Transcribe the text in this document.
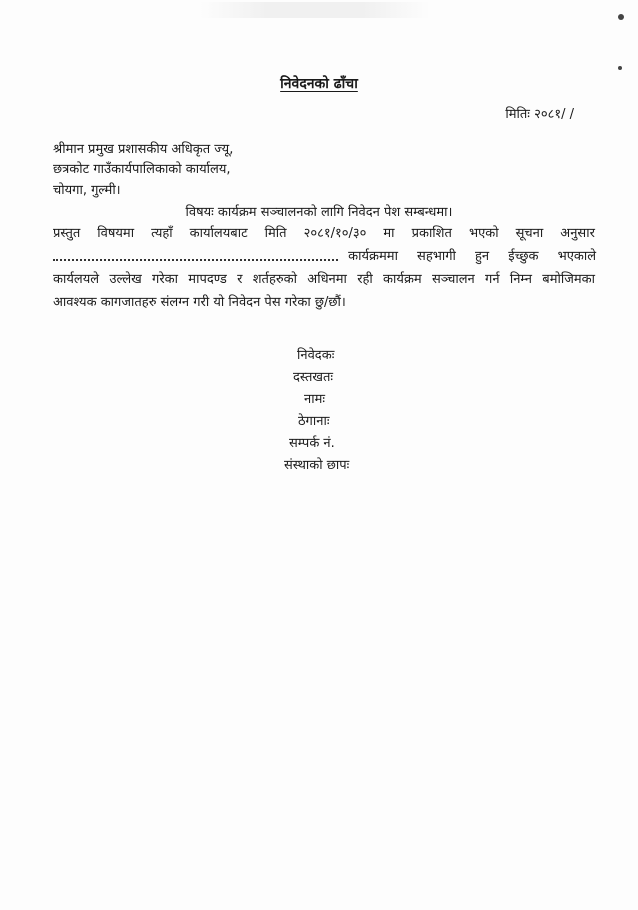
निवेदनको ढाँचा
मितिः २०८१/ /
श्रीमान प्रमुख प्रशासकीय अधिकृत ज्यू,
छत्रकोट गाउँकार्यपालिकाको कार्यालय,
चोयगा, गुल्मी।
विषयः कार्यक्रम सञ्चालनको लागि निवेदन पेश सम्बन्धमा।
प्रस्तुत विषयमा त्यहाँ कार्यालयबाट मिति २०८१/१०/३० मा प्रकाशित भएको सूचना अनुसार

कार्यक्रममा सहभागी हुन ईच्छुक भएकाले
कार्यलयले उल्लेख गरेका मापदण्ड र शर्तहरुको अधिनमा रही कार्यक्रम सञ्चालन गर्न निम्न बमोजिमका
आवश्यक कागजातहरु संलग्न गरी यो निवेदन पेस गरेका छु/छौं।
निवेदकः
दस्तखतः
नामः
ठेगानाः
सम्पर्क नं.
संस्थाको छापः
